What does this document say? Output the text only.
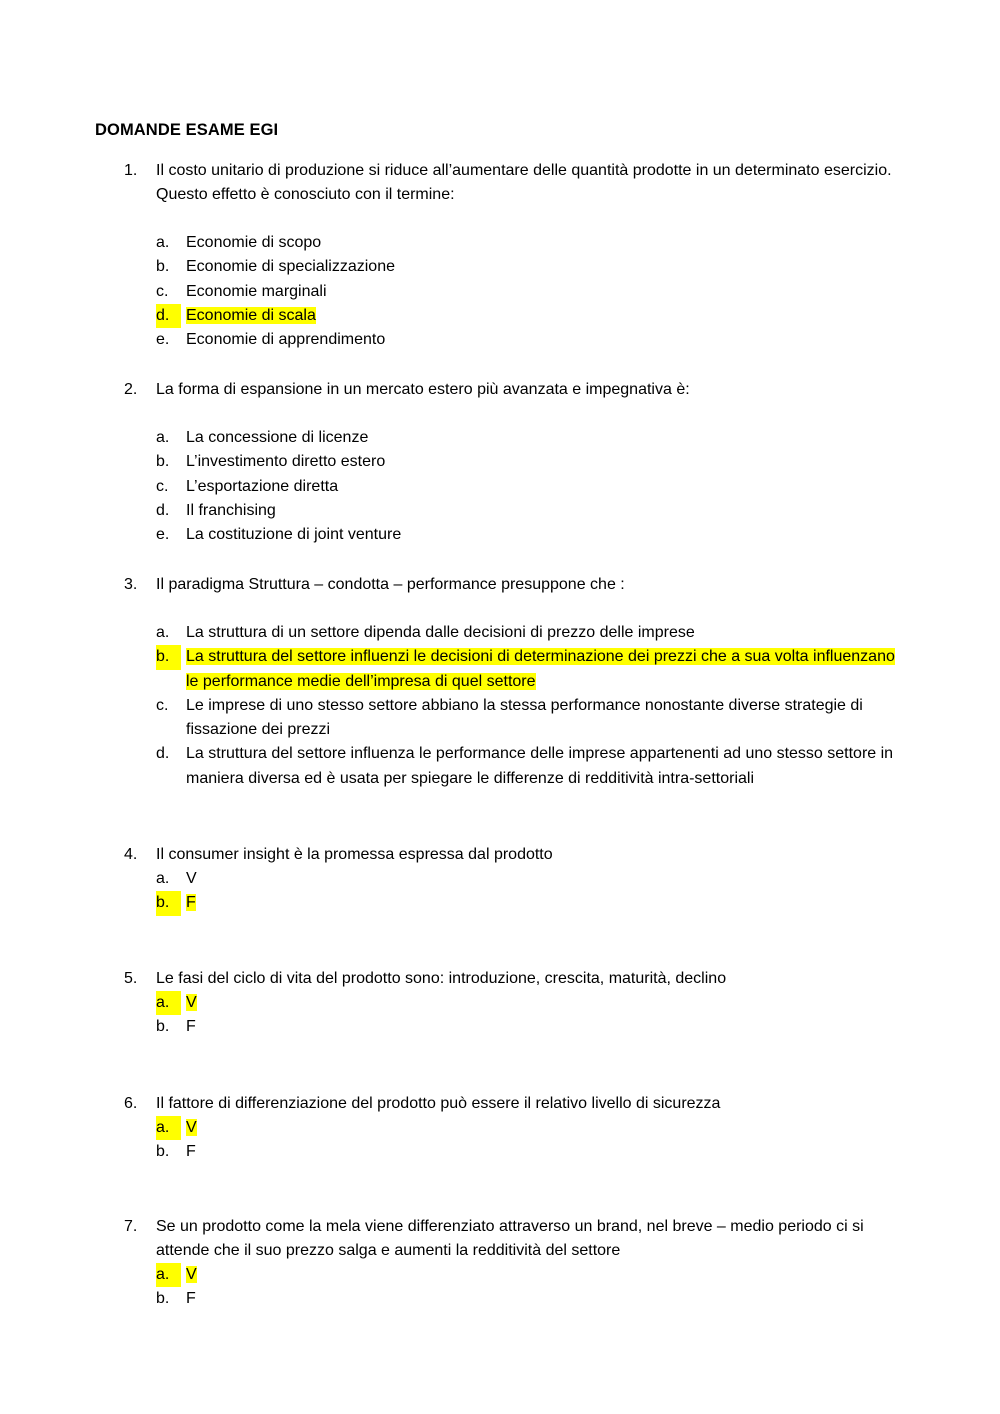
DOMANDE ESAME EGI

1. Il costo unitario di produzione si riduce all’aumentare delle quantità prodotte in un determinato esercizio. Questo effetto è conosciuto con il termine:

a. Economie di scopo
b. Economie di specializzazione
c. Economie marginali
d.	Economie di scala
e. Economie di apprendimento

2. La forma di espansione in un mercato estero più avanzata e impegnativa è:

a. La concessione di licenze
b. L’investimento diretto estero
c. L’esportazione diretta
d. Il franchising
e. La costituzione di joint venture

3. Il paradigma Struttura – condotta – performance presuppone che :

a. La struttura di un settore dipenda dalle decisioni di prezzo delle imprese
b.	La struttura del settore influenzi le decisioni di determinazione dei prezzi che a sua volta influenzano le performance medie dell’impresa di quel settore
c. Le imprese di uno stesso settore abbiano la stessa performance nonostante diverse strategie di fissazione dei prezzi
d. La struttura del settore influenza le performance delle imprese appartenenti ad uno stesso settore in maniera diversa ed è usata per spiegare le differenze di redditività intra-settoriali

4. Il consumer insight è la promessa espressa dal prodotto

a. V
b.	F

5. Le fasi del ciclo di vita del prodotto sono: introduzione, crescita, maturità, declino

a.	V
b. F

6. Il fattore di differenziazione del prodotto può essere il relativo livello di sicurezza

a.	V
b. F

7. Se un prodotto come la mela viene differenziato attraverso un brand, nel breve – medio periodo ci si attende che il suo prezzo salga e aumenti la redditività del settore

a.	V
b. F
